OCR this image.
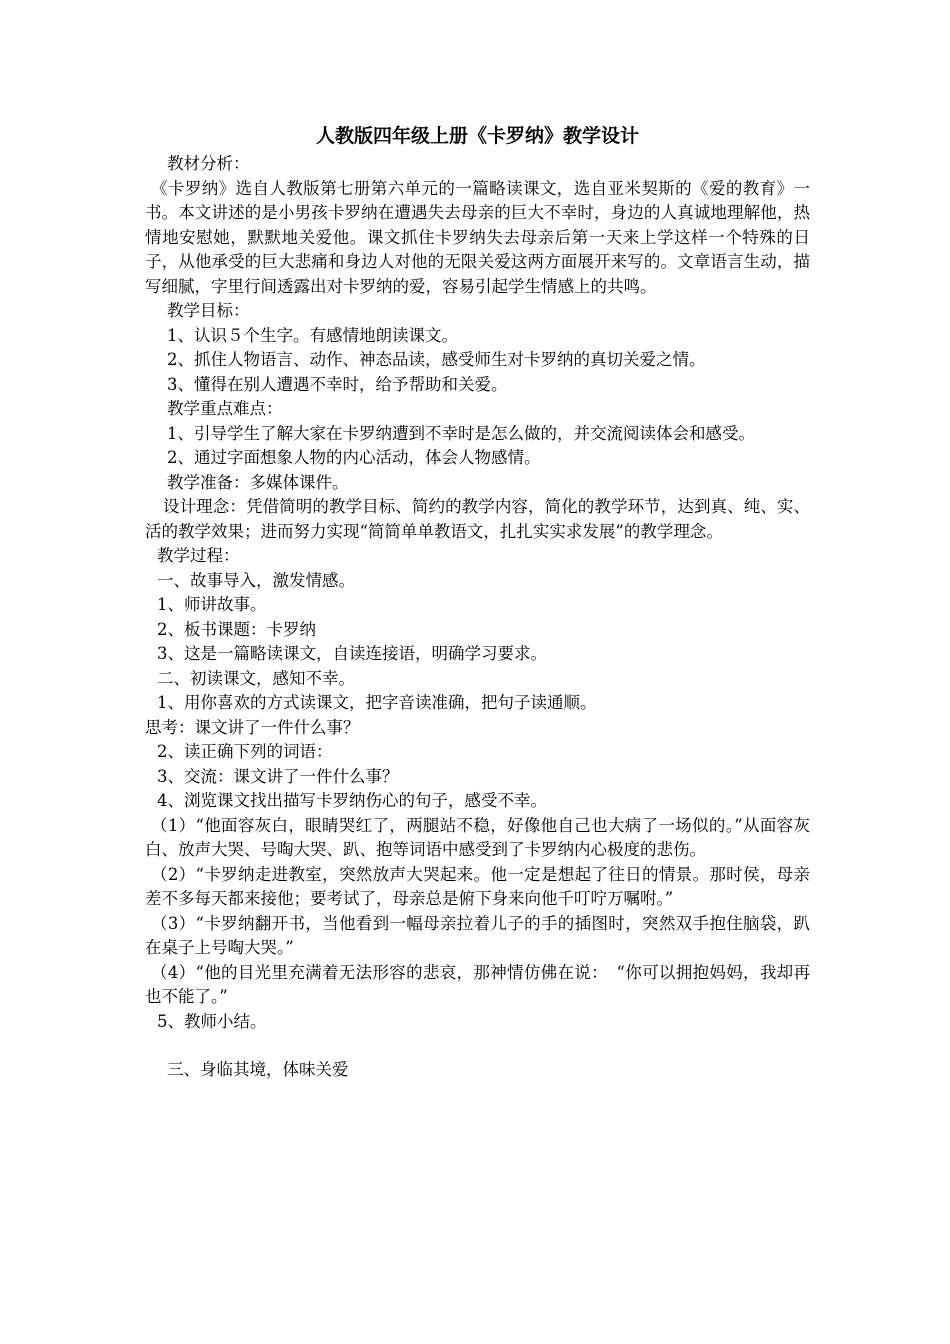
人教版四年级上册《卡罗纳》教学设计

教材分析：

《卡罗纳》选自人教版第七册第六单元的一篇略读课文，选自亚米契斯的《爱的教育》一书。本文讲述的是小男孩卡罗纳在遭遇失去母亲的巨大不幸时，身边的人真诚地理解他，热情地安慰她，默默地关爱他。课文抓住卡罗纳失去母亲后第一天来上学这样一个特殊的日子，从他承受的巨大悲痛和身边人对他的无限关爱这两方面展开来写的。文章语言生动，描写细腻，字里行间透露出对卡罗纳的爱，容易引起学生情感上的共鸣。

教学目标：

1、认识５个生字。有感情地朗读课文。

2、抓住人物语言、动作、神态品读，感受师生对卡罗纳的真切关爱之情。

3、懂得在别人遭遇不幸时，给予帮助和关爱。

教学重点难点：

1、引导学生了解大家在卡罗纳遭到不幸时是怎么做的，并交流阅读体会和感受。

2、通过字面想象人物的内心活动，体会人物感情。

教学准备：多媒体课件。

设计理念：凭借简明的教学目标、简约的教学内容，简化的教学环节，达到真、纯、实、活的教学效果；进而努力实现“简简单单教语文，扎扎实实求发展”的教学理念。

教学过程：

一、故事导入，激发情感。

1、师讲故事。

2、板书课题：卡罗纳

3、这是一篇略读课文，自读连接语，明确学习要求。

二、初读课文，感知不幸。

1、用你喜欢的方式读课文，把字音读准确，把句子读通顺。

思考：课文讲了一件什么事？

2、读正确下列的词语：

3、交流：课文讲了一件什么事？

4、浏览课文找出描写卡罗纳伤心的句子，感受不幸。

（1）“他面容灰白，眼睛哭红了，两腿站不稳，好像他自己也大病了一场似的。”从面容灰白、放声大哭、号啕大哭、趴、抱等词语中感受到了卡罗纳内心极度的悲伤。

（2）“卡罗纳走进教室，突然放声大哭起来。他一定是想起了往日的情景。那时侯，母亲差不多每天都来接他；要考试了，母亲总是俯下身来向他千叮咛万嘱咐。”

（3）“卡罗纳翻开书，当他看到一幅母亲拉着儿子的手的插图时，突然双手抱住脑袋，趴在桌子上号啕大哭。”

（4）“他的目光里充满着无法形容的悲哀，那神情仿佛在说：　“你可以拥抱妈妈，我却再也不能了。”

5、教师小结。

三、身临其境，体味关爱
